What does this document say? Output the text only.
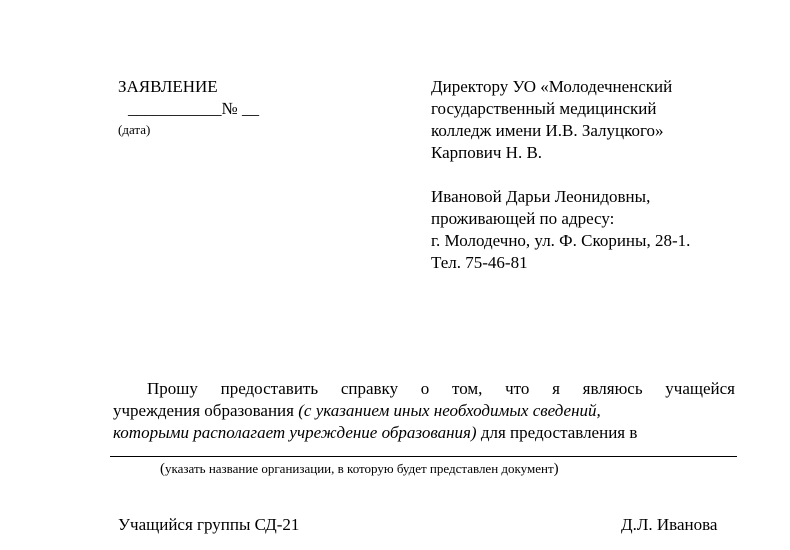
ЗАЯВЛЕНИЕ
___________№ __
(дата)
Директору УО «Молодечненский
государственный медицинский
колледж имени И.В. Залуцкого»
Карпович Н. В.
Ивановой Дарьи Леонидовны,
проживающей по адресу:
г. Молодечно, ул. Ф. Скорины, 28-1.
Тел. 75-46-81
Прошу предоставить справку о том, что я являюсь учащейся
учреждения образования (с указанием иных необходимых сведений,
которыми располагает учреждение образования) для предоставления в
(указать название организации, в которую будет представлен документ)
Учащийся группы СД-21	Д.Л. Иванова
